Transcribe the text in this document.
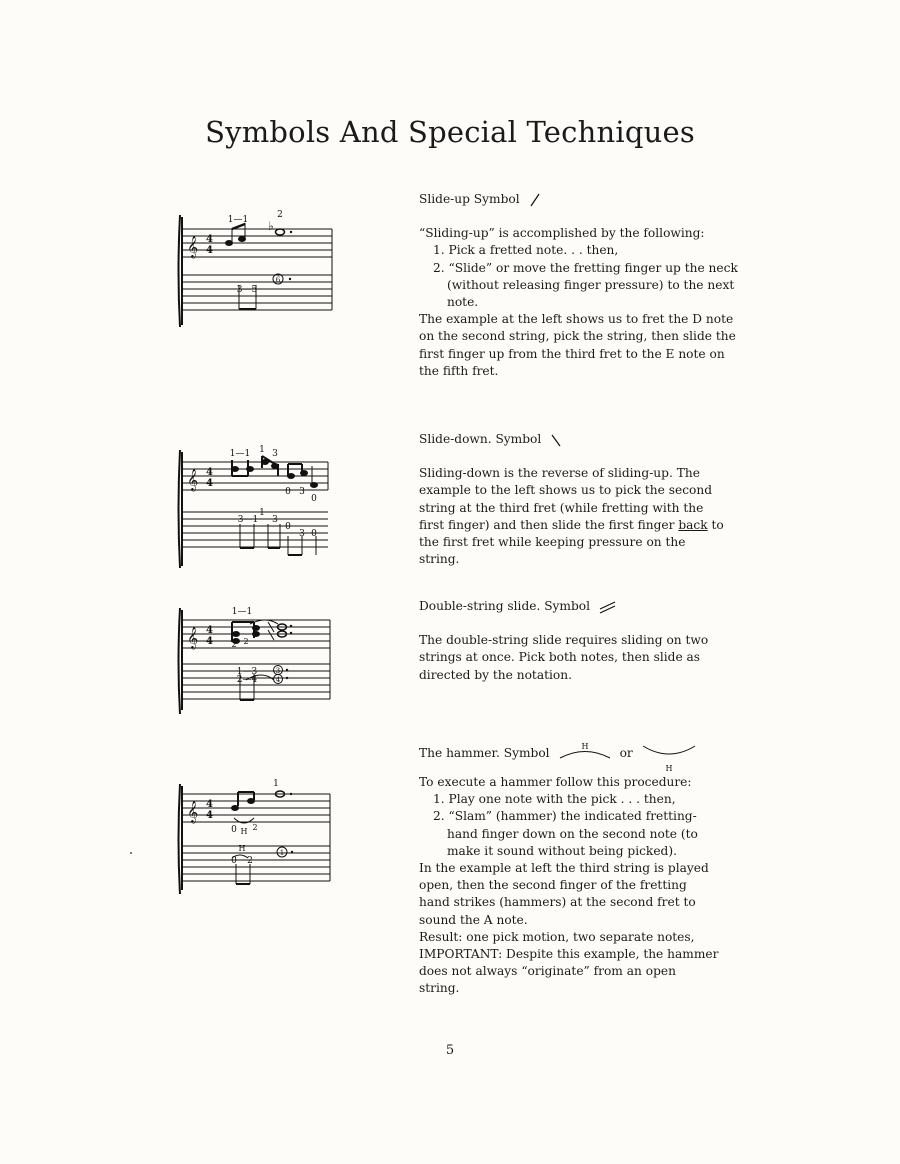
Symbols And Special Techniques
𝄞 4
4
♭
1—1	2
3—5
6
Slide-up Symbol

“Sliding-up” is accomplished by the following:

1. Pick a fretted note. . . then,
2. “Slide” or move the fretting finger up the neck (without releasing finger pressure) to the next note.

The example at the left shows us to fret the D note on the second string, pick the string, then slide the first finger up from the third fret to the E note on the fifth fret.

𝄞 4
4
1—1 1 3
0 3
0
3—1
1
3
0
3 0
Slide-down. Symbol

Sliding-down is the reverse of sliding-up. The example to the left shows us to pick the second string at the third fret (while fretting with the first finger) and then slide the first finger back to the first fret while keeping pressure on the string.

𝄞 4
4
1—1
2 2
1—3
2—4
3
4
Double-string slide. Symbol

The double-string slide requires sliding on two strings at once. Pick both notes, then slide as directed by the notation.

𝄞 4
4
1
0 H 2
H
0 2
1
The hammer. Symbol	H	or
H

To execute a hammer follow this procedure:

1. Play one note with the pick . . . then,
2. “Slam” (hammer) the indicated fretting-hand finger down on the second note (to make it sound without being picked).

In the example at left the third string is played open, then the second finger of the fretting hand strikes (hammers) at the second fret to sound the A note.

Result: one pick motion, two separate notes,

IMPORTANT: Despite this example, the hammer does not always “originate” from an open string.

5
